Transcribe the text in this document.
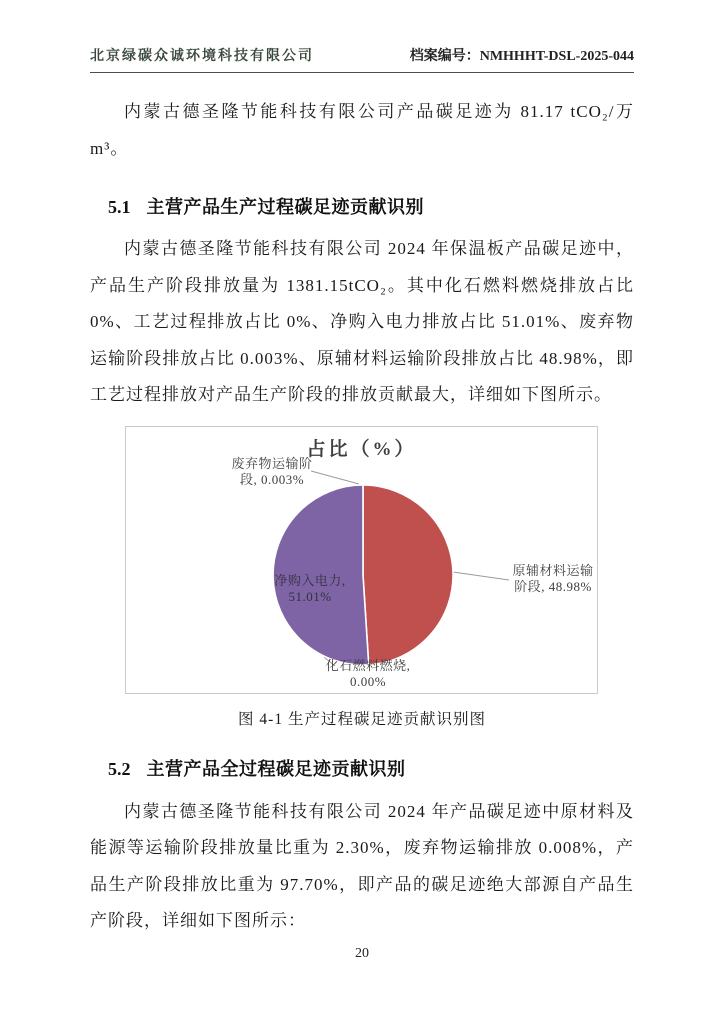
北京绿碳众诚环境科技有限公司	档案编号：NMHHHT-DSL-2025-044

内蒙古德圣隆节能科技有限公司产品碳足迹为 81.17 tCO₂/万 m³。

5.1 主营产品生产过程碳足迹贡献识别

内蒙古德圣隆节能科技有限公司 2024 年保温板产品碳足迹中，产品生产阶段排放量为 1381.15tCO₂。其中化石燃料燃烧排放占比 0%、工艺过程排放占比 0%、净购入电力排放占比 51.01%、废弃物运输阶段排放占比 0.003%、原辅材料运输阶段排放占比 48.98%，即工艺过程排放对产品生产阶段的排放贡献最大，详细如下图所示。

占比（%）
废弃物运输阶
段, 0.003%
原辅材料运输
阶段, 48.98%
净购入电力,
51.01%
化石燃料燃烧,
0.00%
图 4-1 生产过程碳足迹贡献识别图
5.2 主营产品全过程碳足迹贡献识别

内蒙古德圣隆节能科技有限公司 2024 年产品碳足迹中原材料及能源等运输阶段排放量比重为 2.30%，废弃物运输排放 0.008%，产品生产阶段排放比重为 97.70%，即产品的碳足迹绝大部源自产品生产阶段，详细如下图所示：

20
